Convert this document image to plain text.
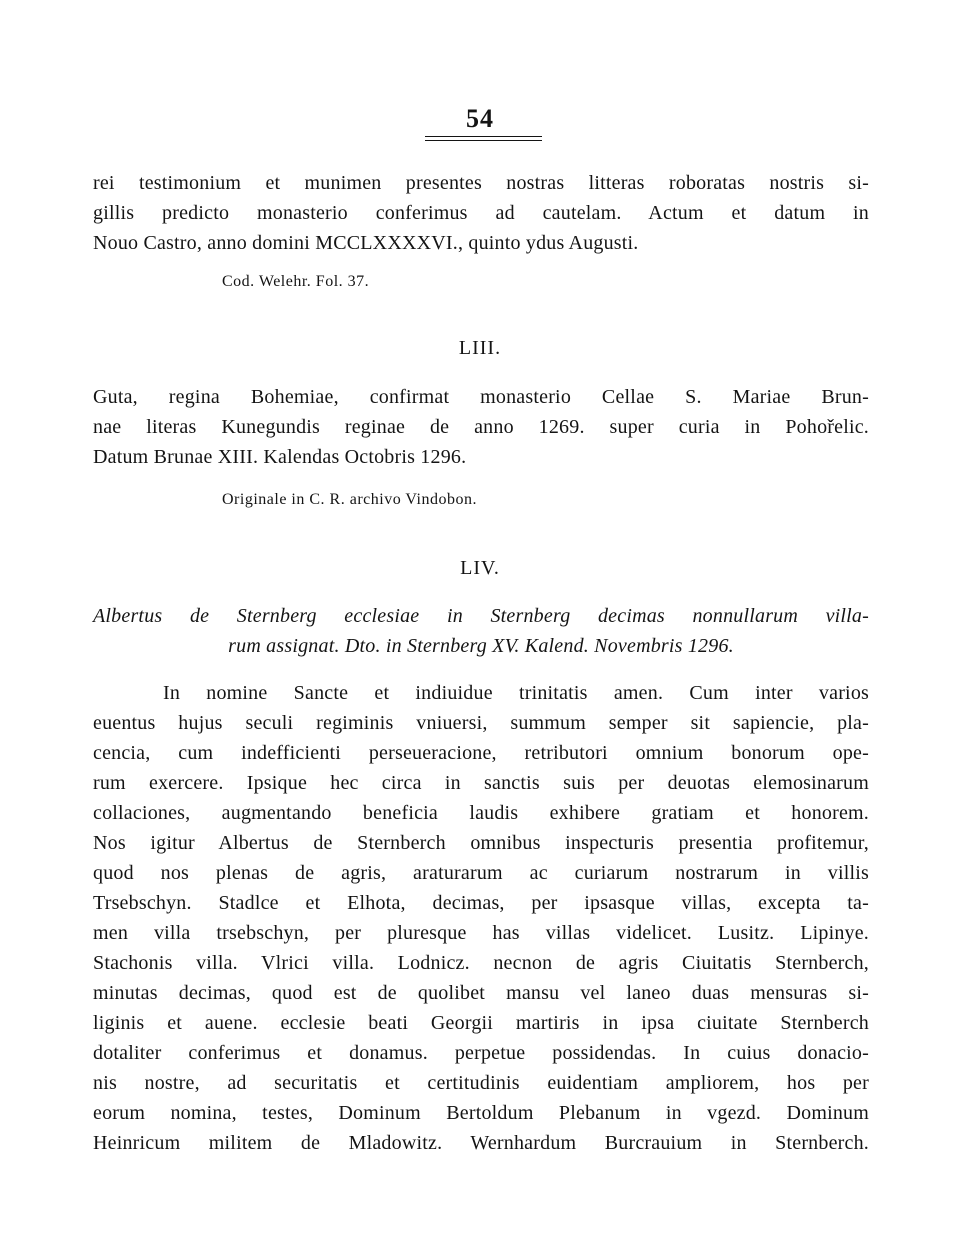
54
rei testimonium et munimen presentes nostras litteras roboratas nostris si-
gillis predicto monasterio conferimus ad cautelam. Actum et datum in
Nouo Castro, anno domini MCCLXXXXVI., quinto ydus Augusti.
Cod. Welehr. Fol. 37.
LIII.
Guta, regina Bohemiae, confirmat monasterio Cellae S. Mariae Brun-
nae literas Kunegundis reginae de anno 1269. super curia in Pohořelic.
Datum Brunae XIII. Kalendas Octobris 1296.
Originale in C. R. archivo Vindobon.
LIV.
Albertus de Sternberg ecclesiae in Sternberg decimas nonnullarum villa-
rum assignat. Dto. in Sternberg XV. Kalend. Novembris 1296.
In nomine Sancte et indiuidue trinitatis amen. Cum inter varios
euentus hujus seculi regiminis vniuersi, summum semper sit sapiencie, pla-
cencia, cum indefficienti perseueracione, retributori omnium bonorum ope-
rum exercere. Ipsique hec circa in sanctis suis per deuotas elemosinarum
collaciones, augmentando beneficia laudis exhibere gratiam et honorem.
Nos igitur Albertus de Sternberch omnibus inspecturis presentia profitemur,
quod nos plenas de agris, araturarum ac curiarum nostrarum in villis
Trsebschyn. Stadlce et Elhota, decimas, per ipsasque villas, excepta ta-
men villa trsebschyn, per pluresque has villas videlicet. Lusitz. Lipinye.
Stachonis villa. Vlrici villa. Lodnicz. necnon de agris Ciuitatis Sternberch,
minutas decimas, quod est de quolibet mansu vel laneo duas mensuras si-
liginis et auene. ecclesie beati Georgii martiris in ipsa ciuitate Sternberch
dotaliter conferimus et donamus. perpetue possidendas. In cuius donacio-
nis nostre, ad securitatis et certitudinis euidentiam ampliorem, hos per
eorum nomina, testes, Dominum Bertoldum Plebanum in vgezd. Dominum
Heinricum militem de Mladowitz. Wernhardum Burcrauium in Sternberch.
